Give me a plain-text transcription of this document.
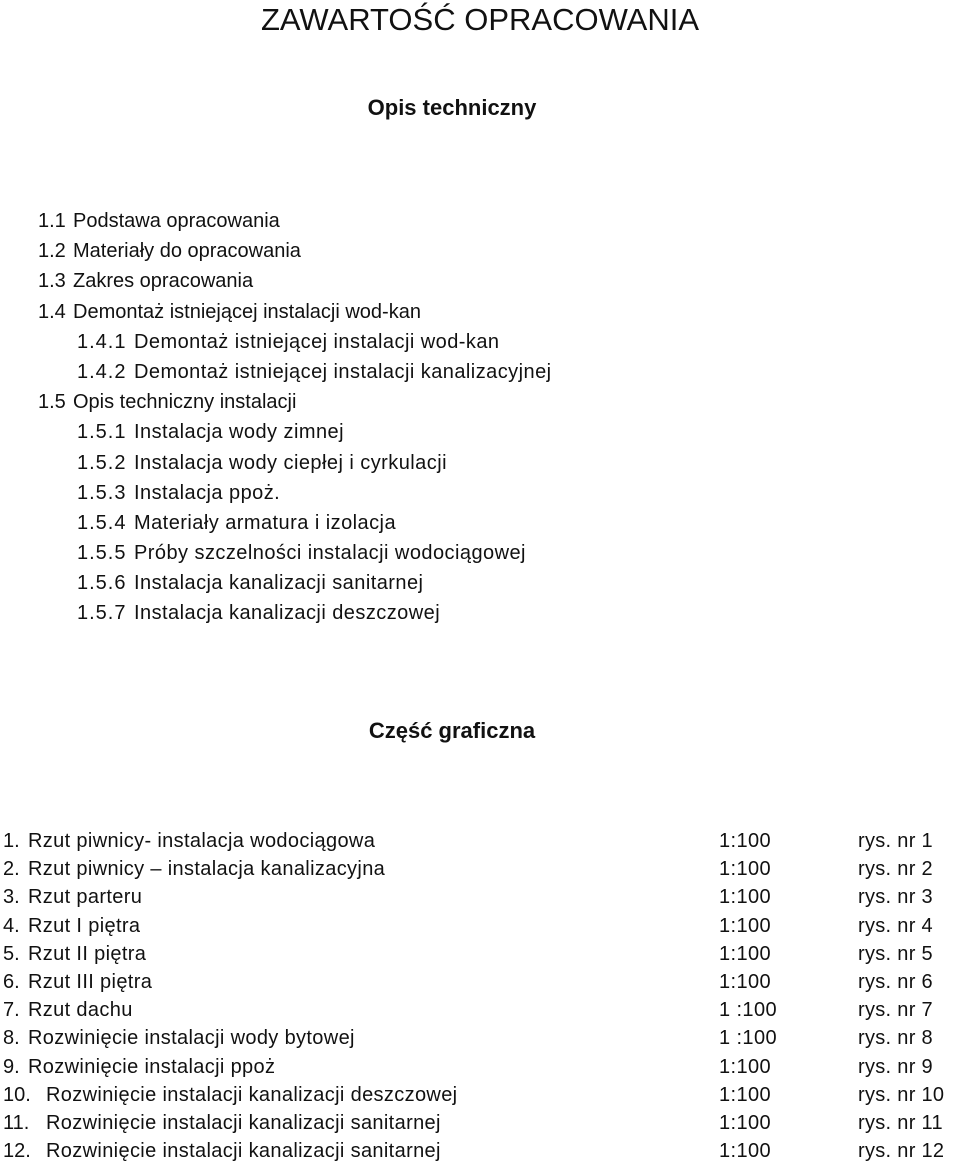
ZAWARTOŚĆ OPRACOWANIA
Opis techniczny
1.1 Podstawa opracowania
1.2 Materiały do opracowania
1.3 Zakres opracowania
1.4 Demontaż istniejącej instalacji wod-kan
1.4.1 Demontaż istniejącej instalacji wod-kan
1.4.2 Demontaż istniejącej instalacji kanalizacyjnej
1.5 Opis techniczny instalacji
1.5.1 Instalacja wody zimnej
1.5.2 Instalacja wody ciepłej i cyrkulacji
1.5.3 Instalacja ppoż.
1.5.4 Materiały armatura i izolacja
1.5.5 Próby szczelności instalacji wodociągowej
1.5.6 Instalacja kanalizacji sanitarnej
1.5.7 Instalacja kanalizacji deszczowej
Część graficzna
1. Rzut piwnicy- instalacja wodociągowa	1:100	rys. nr 1
2. Rzut piwnicy – instalacja kanalizacyjna	1:100	rys. nr 2
3. Rzut parteru	1:100	rys. nr 3
4. Rzut I piętra	1:100	rys. nr 4
5. Rzut II piętra	1:100	rys. nr 5
6. Rzut III piętra	1:100	rys. nr 6
7. Rzut dachu	1 :100	rys. nr 7
8. Rozwinięcie instalacji wody bytowej	1 :100	rys. nr 8
9. Rozwinięcie instalacji ppoż	1:100	rys. nr 9
10. Rozwinięcie instalacji kanalizacji deszczowej	1:100	rys. nr 10
11. Rozwinięcie instalacji kanalizacji sanitarnej	1:100	rys. nr 11
12. Rozwinięcie instalacji kanalizacji sanitarnej	1:100	rys. nr 12
